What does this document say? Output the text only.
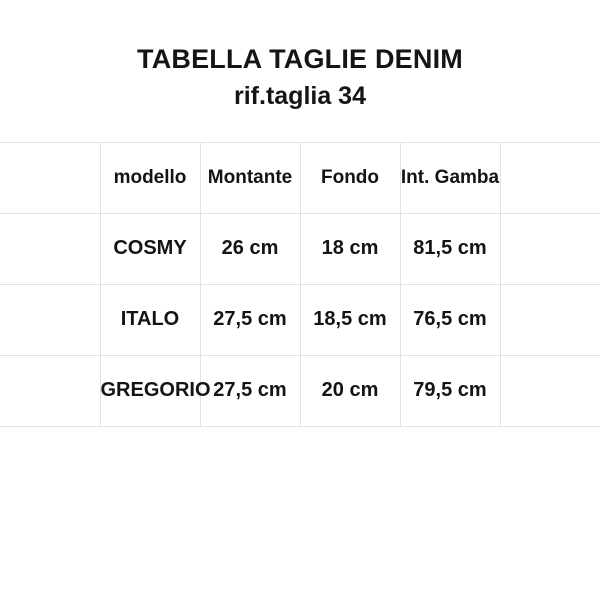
TABELLA TAGLIE DENIM
rif.taglia 34
	modello	Montante	Fondo	Int. Gamba	
	COSMY	26 cm	18 cm	81,5 cm	
	ITALO	27,5 cm	18,5 cm	76,5 cm	
	GREGORIO	27,5 cm	20 cm	79,5 cm	
